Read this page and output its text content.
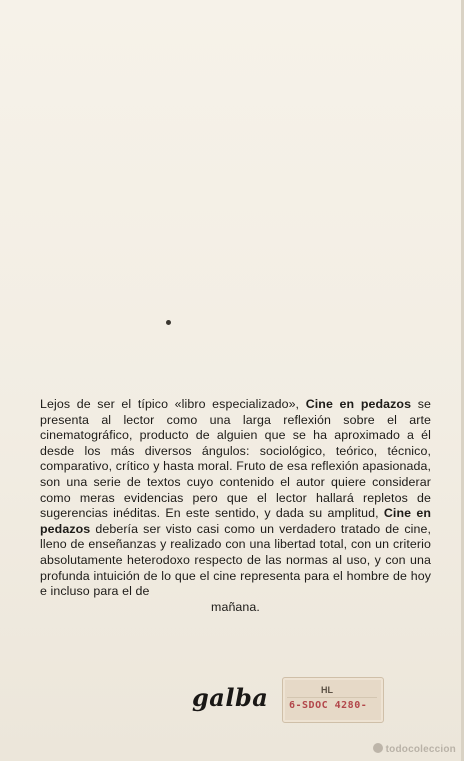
Lejos de ser el típico «libro especializado», Cine en pedazos se presenta al lector como una larga reflexión sobre el arte cinematográfico, producto de alguien que se ha aproximado a él desde los más diversos ángulos: sociológico, teórico, técnico, comparativo, crítico y hasta moral. Fruto de esa reflexión apasionada, son una serie de textos cuyo contenido el autor quiere considerar como meras evidencias pero que el lector hallará repletos de sugerencias inéditas. En este sentido, y dada su amplitud, Cine en pedazos debería ser visto casi como un verdadero tratado de cine, lleno de enseñanzas y realizado con una libertad total, con un criterio absolutamente heterodoxo respecto de las normas al uso, y con una profunda intuición de lo que el cine representa para el hombre de hoy e incluso para el de
mañana.
galba	HL
6-SDOC 4280-
todocoleccion
